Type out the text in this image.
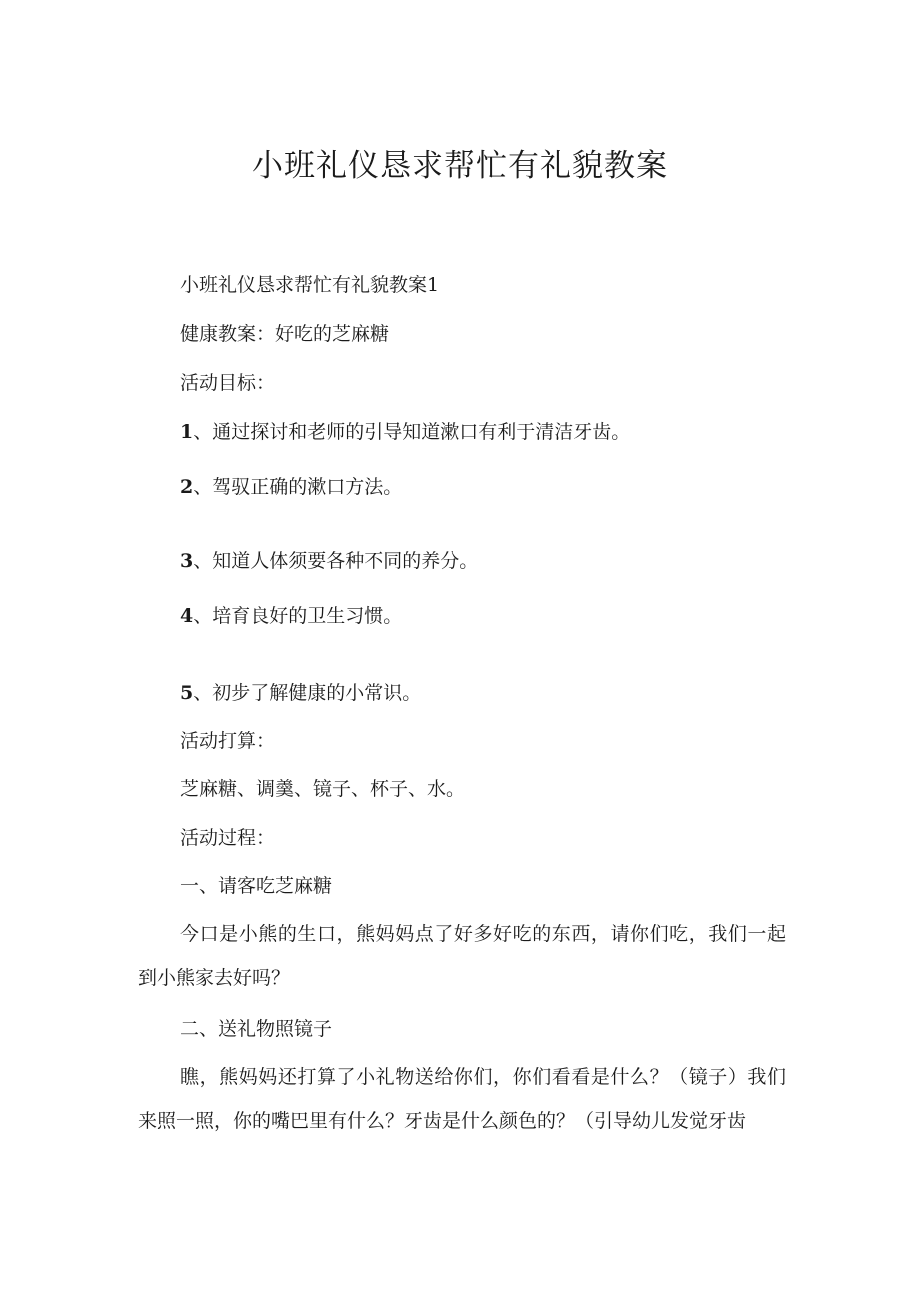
小班礼仪恳求帮忙有礼貌教案

小班礼仪恳求帮忙有礼貌教案1

健康教案：好吃的芝麻糖

活动目标：

1、通过探讨和老师的引导知道漱口有利于清洁牙齿。

2、驾驭正确的漱口方法。

3、知道人体须要各种不同的养分。

4、培育良好的卫生习惯。

5、初步了解健康的小常识。

活动打算：

芝麻糖、调羹、镜子、杯子、水。

活动过程：

一、请客吃芝麻糖

今口是小熊的生口，熊妈妈点了好多好吃的东西，请你们吃，我们一起到小熊家去好吗？

二、送礼物照镜子

瞧，熊妈妈还打算了小礼物送给你们，你们看看是什么？（镜子）我们来照一照，你的嘴巴里有什么？牙齿是什么颜色的？（引导幼儿发觉牙齿
